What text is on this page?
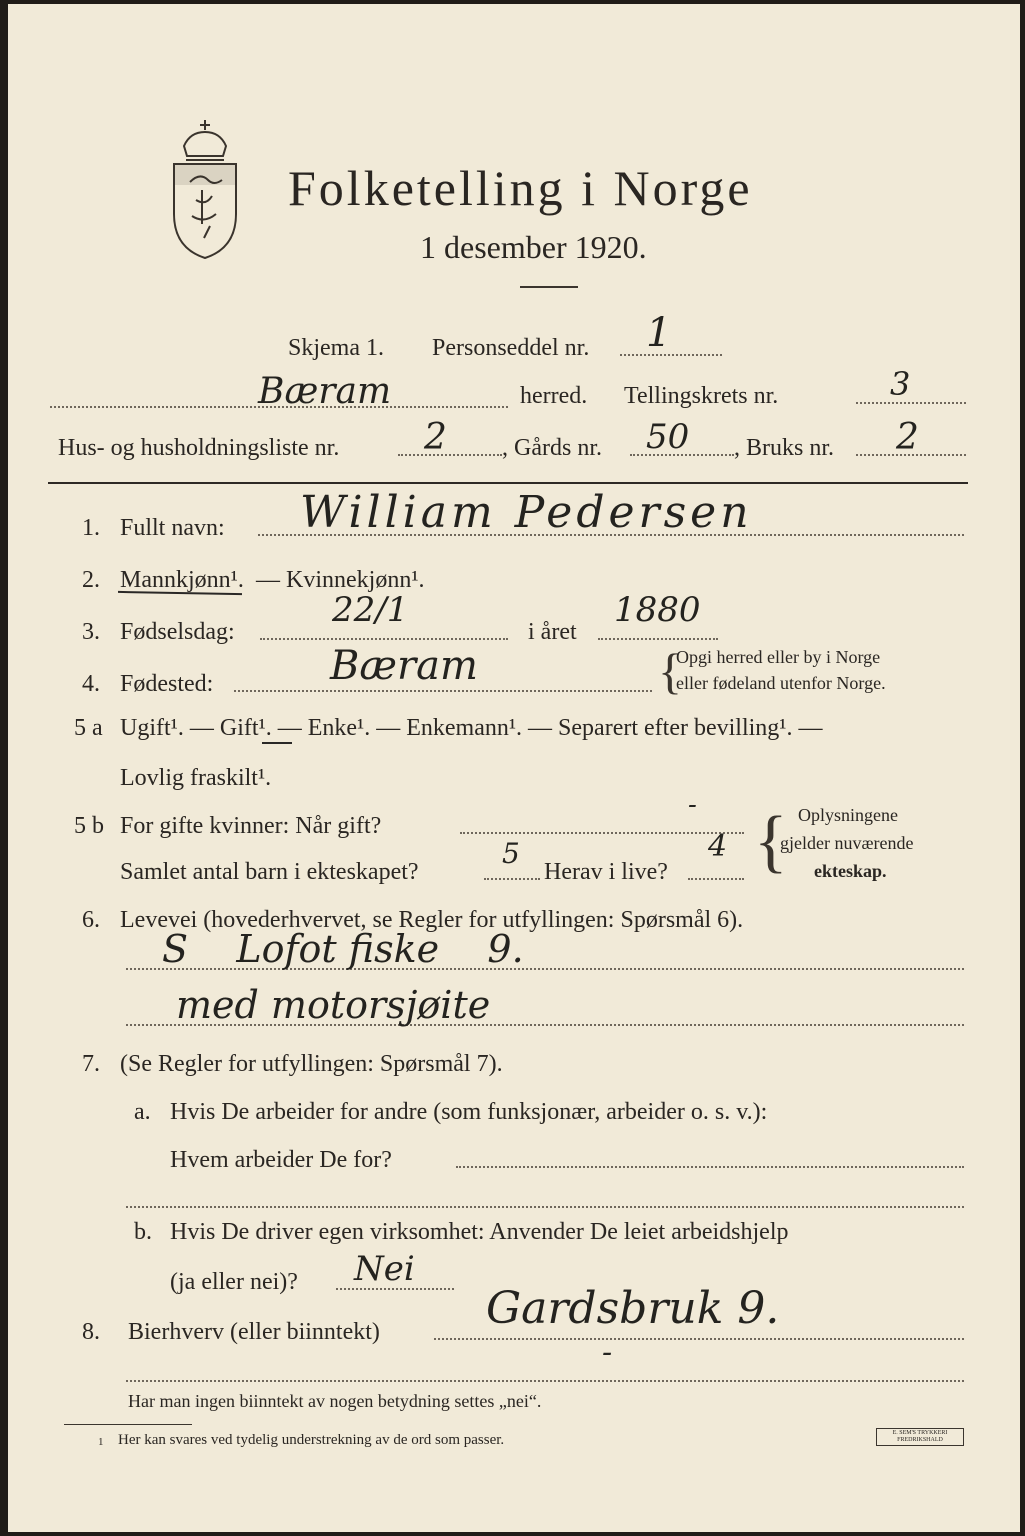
Folketelling i Norge
1 desember 1920.
Skjema 1. Personseddel nr. 1
Bæram	herred. Tellingskrets nr.	3
Hus- og husholdningsliste nr. 2 , Gårds nr. 50 , Bruks nr. 2
1. Fullt navn: William Pedersen
2. Mannkjønn¹. — Kvinnekjønn¹.
3. Fødselsdag:
22/1
i året
1880
4. Fødested:	Bæram	{
Opgi herred eller by i Norge
eller fødeland utenfor Norge.
5 a Ugift¹. — Gift¹. — Enke¹. — Enkemann¹. — Separert efter bevilling¹. —
Lovlig fraskilt¹.
5 b For gifte kvinner: Når gift?
-
Samlet antal barn i ekteskapet?
5
Herav i live?
4 { Oplysningene
gjelder nuværende
ekteskap.
6. Levevei (hovederhvervet, se Regler for utfyllingen: Spørsmål 6).
S    Lofot fiske    9.
med motorsjøite
7. (Se Regler for utfyllingen: Spørsmål 7).
a. Hvis De arbeider for andre (som funksjonær, arbeider o. s. v.):
Hvem arbeider De for?
b. Hvis De driver egen virksomhet: Anvender De leiet arbeidshjelp
(ja eller nei)? Nei
8. Bierhverv (eller biinntekt) Gardsbruk 9.
-
Har man ingen biinntekt av nogen betydning settes „nei“.
1 Her kan svares ved tydelig understrekning av de ord som passer.	E. SEM'S TRYKKERI FREDRIKSHALD
